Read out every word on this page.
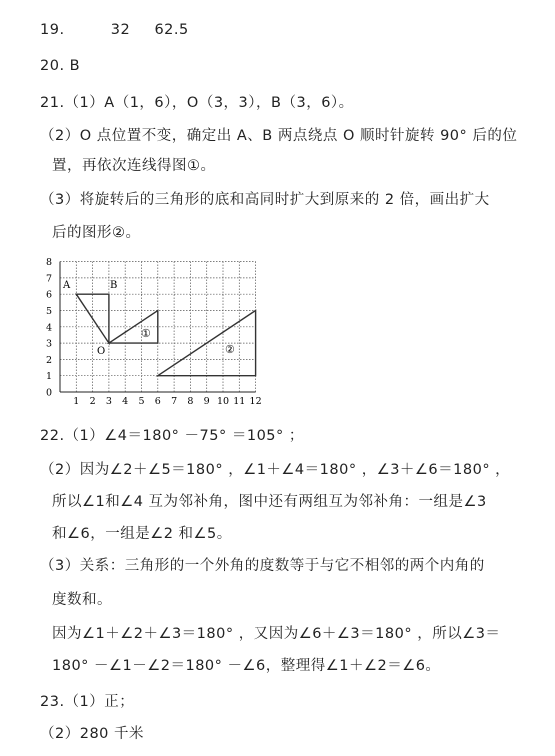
19.	32 62.5
20. B
21.（1）A（1，6），O（3，3），B（3，6）。
（2）O 点位置不变，确定出 A、B 两点绕点 O 顺时针旋转 90° 后的位
置，再依次连线得图①。
（3）将旋转后的三角形的底和高同时扩大到原来的 2 倍，画出扩大
后的图形②。
1 2 3 4 5 6 7 8 9 10 11 12
0
1
2
3
4
5
6
7
8
A	B
O
①
②
22.（1）∠4＝180° －75° ＝105° ；
（2）因为∠2＋∠5＝180° ，∠1＋∠4＝180° ，∠3＋∠6＝180° ，
所以∠1和∠4 互为邻补角，图中还有两组互为邻补角：一组是∠3
和∠6，一组是∠2 和∠5。
（3）关系：三角形的一个外角的度数等于与它不相邻的两个内角的
度数和。
因为∠1＋∠2＋∠3＝180° ，又因为∠6＋∠3＝180° ，所以∠3＝
180° －∠1－∠2＝180° －∠6，整理得∠1＋∠2＝∠6。
23.（1）正；
（2）280 千米
